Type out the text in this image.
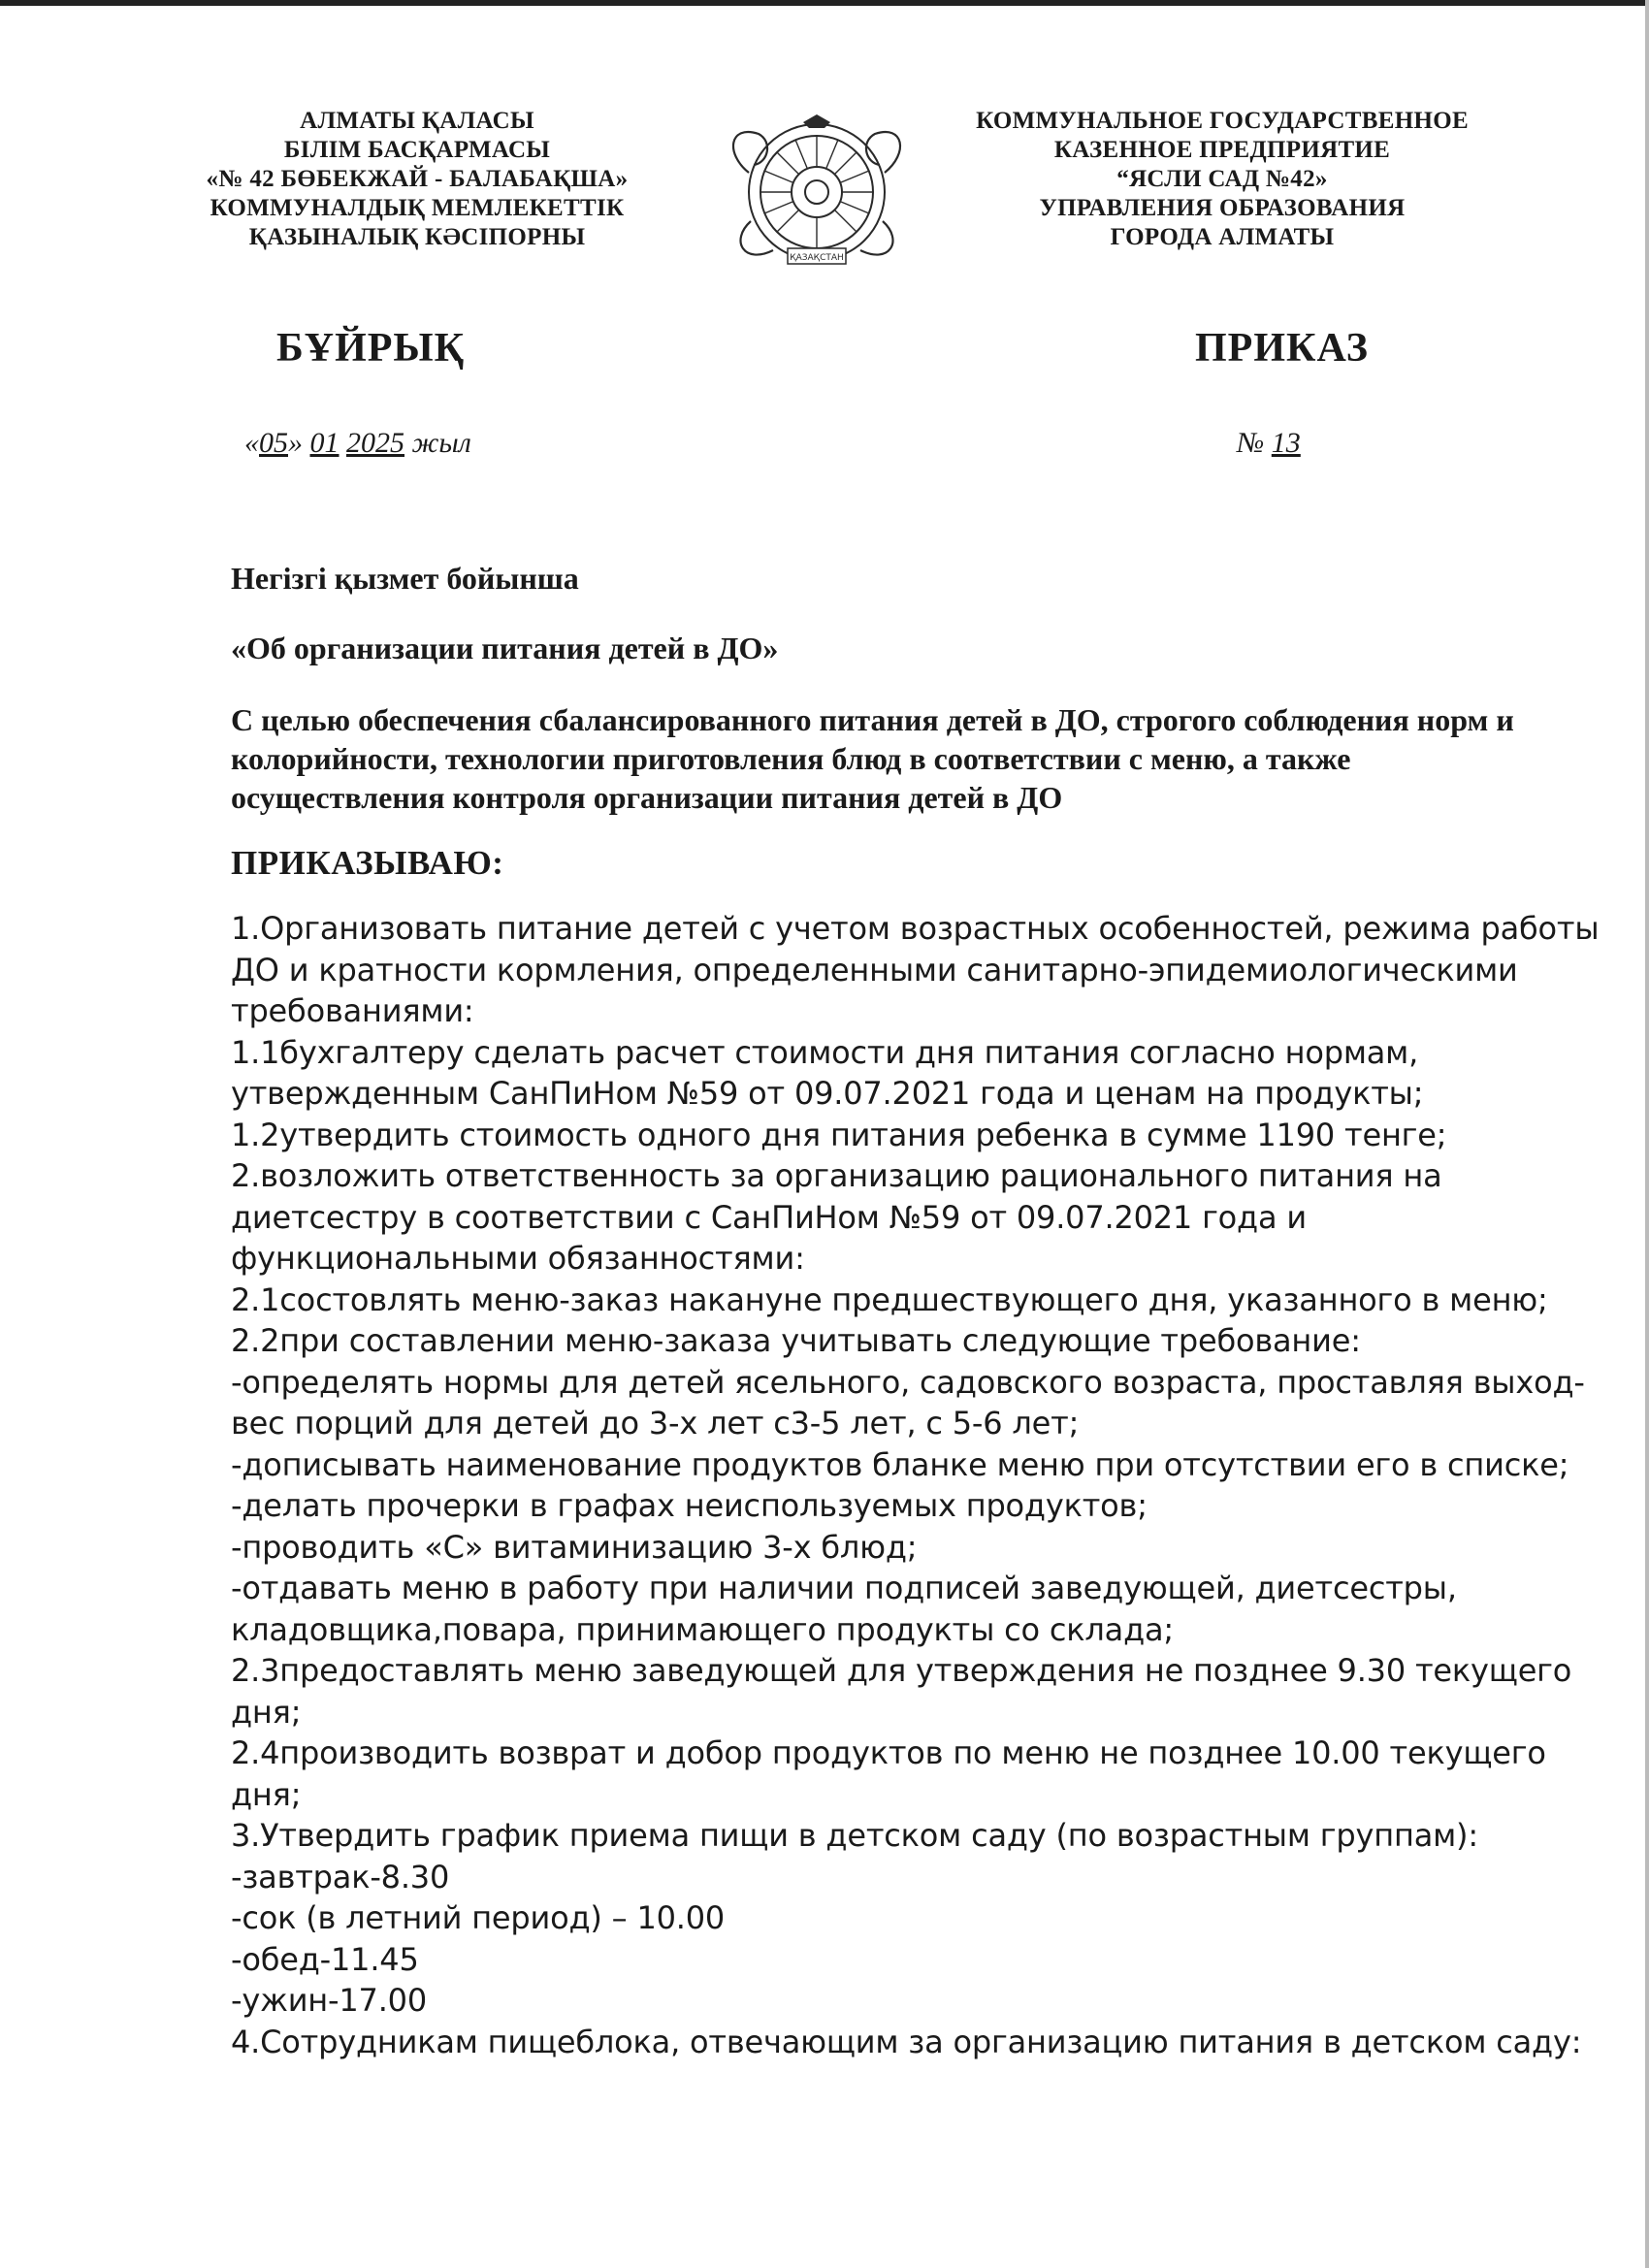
АЛМАТЫ ҚАЛАСЫ
БІЛІМ БАСҚАРМАСЫ
«№ 42 БӨБЕКЖАЙ - БАЛАБАҚША»
КОММУНАЛДЫҚ МЕМЛЕКЕТТІК
ҚАЗЫНАЛЫҚ КӘСІПОРНЫ
ҚАЗАҚСТАН
КОММУНАЛЬНОЕ ГОСУДАРСТВЕННОЕ
КАЗЕННОЕ ПРЕДПРИЯТИЕ
“ЯСЛИ САД №42»
УПРАВЛЕНИЯ ОБРАЗОВАНИЯ
ГОРОДА АЛМАТЫ
БҰЙРЫҚ	ПРИКАЗ
«05» 01 2025 жыл	№ 13
Негізгі қызмет бойынша
«Об организации питания детей в ДО»
С целью обеспечения сбалансированного питания детей в ДО, строгого соблюдения норм и колорийности, технологии приготовления блюд в соответствии с меню, а также осуществления контроля организации питания детей в ДО
ПРИКАЗЫВАЮ:
1.Организовать питание детей с учетом возрастных особенностей, режима работы
ДО и кратности кормления, определенными санитарно-эпидемиологическими
требованиями:
1.1бухгалтеру сделать расчет стоимости дня питания согласно нормам,
утвержденным СанПиНом №59 от 09.07.2021 года и ценам на продукты;
1.2утвердить стоимость одного дня питания ребенка в сумме 1190 тенге;
2.возложить ответственность за организацию рационального питания на
диетсестру в соответствии с СанПиНом №59 от 09.07.2021 года и
функциональными обязанностями:
2.1состовлять меню-заказ накануне предшествующего дня, указанного в меню;
2.2при составлении меню-заказа учитывать следующие требование:
-определять нормы для детей ясельного, садовского возраста, проставляя выход-
вес порций для детей до 3-х лет с3-5 лет, с 5-6 лет;
-дописывать наименование продуктов бланке меню при отсутствии его в списке;
-делать прочерки в графах неиспользуемых продуктов;
-проводить «С» витаминизацию 3-х блюд;
-отдавать меню в работу при наличии подписей заведующей, диетсестры,
кладовщика,повара, принимающего продукты со склада;
2.3предоставлять меню заведующей для утверждения не позднее 9.30 текущего
дня;
2.4производить возврат и добор продуктов по меню не позднее 10.00 текущего
дня;
3.Утвердить график приема пищи в детском саду (по возрастным группам):
-завтрак-8.30
-сок (в летний период) – 10.00
-обед-11.45
-ужин-17.00
4.Сотрудникам пищеблока, отвечающим за организацию питания в детском саду:
